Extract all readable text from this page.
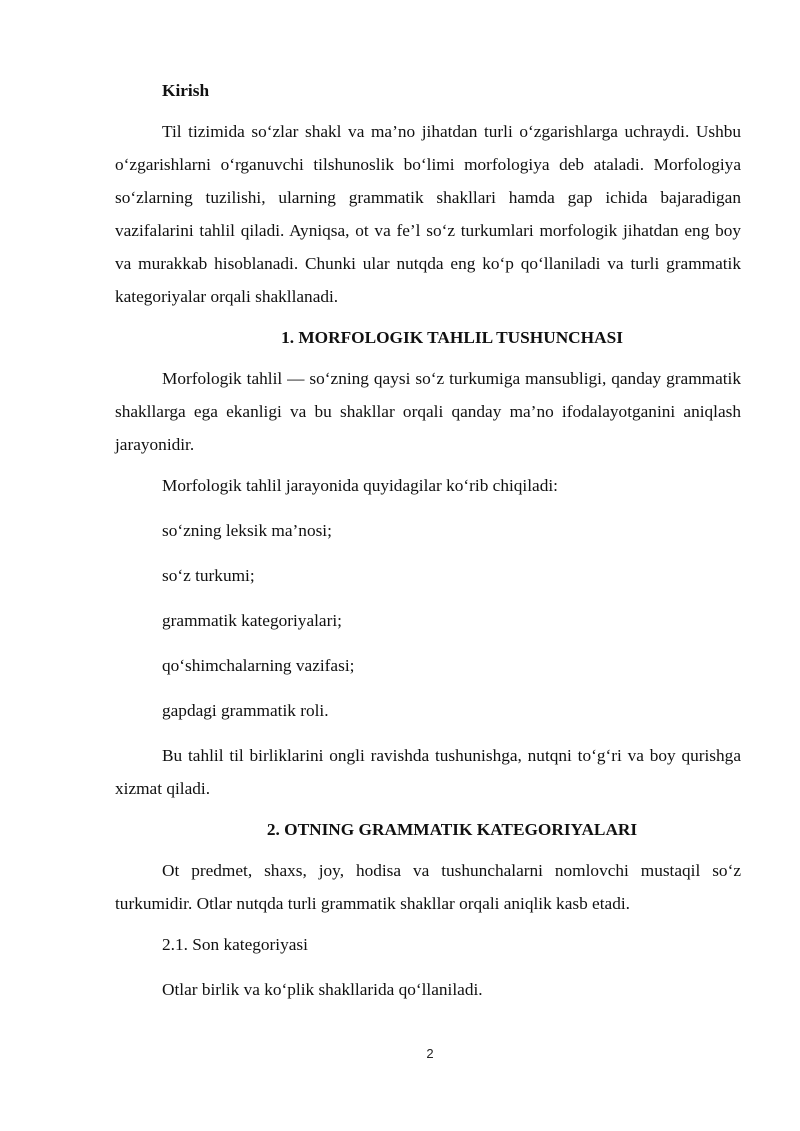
Kirish

Til tizimida so‘zlar shakl va ma’no jihatdan turli o‘zgarishlarga uchraydi. Ushbu o‘zgarishlarni o‘rganuvchi tilshunoslik bo‘limi morfologiya deb ataladi. Morfologiya so‘zlarning tuzilishi, ularning grammatik shakllari hamda gap ichida bajaradigan vazifalarini tahlil qiladi. Ayniqsa, ot va fe’l so‘z turkumlari morfologik jihatdan eng boy va murakkab hisoblanadi. Chunki ular nutqda eng ko‘p qo‘llaniladi va turli grammatik kategoriyalar orqali shakllanadi.

1. MORFOLOGIK TAHLIL TUSHUNCHASI

Morfologik tahlil — so‘zning qaysi so‘z turkumiga mansubligi, qanday grammatik shakllarga ega ekanligi va bu shakllar orqali qanday ma’no ifodalayotganini aniqlash jarayonidir.

Morfologik tahlil jarayonida quyidagilar ko‘rib chiqiladi:

so‘zning leksik ma’nosi;

so‘z turkumi;

grammatik kategoriyalari;

qo‘shimchalarning vazifasi;

gapdagi grammatik roli.

Bu tahlil til birliklarini ongli ravishda tushunishga, nutqni to‘g‘ri va boy qurishga xizmat qiladi.

2. OTNING GRAMMATIK KATEGORIYALARI

Ot predmet, shaxs, joy, hodisa va tushunchalarni nomlovchi mustaqil so‘z turkumidir. Otlar nutqda turli grammatik shakllar orqali aniqlik kasb etadi.

2.1. Son kategoriyasi

Otlar birlik va ko‘plik shakllarida qo‘llaniladi.

2
